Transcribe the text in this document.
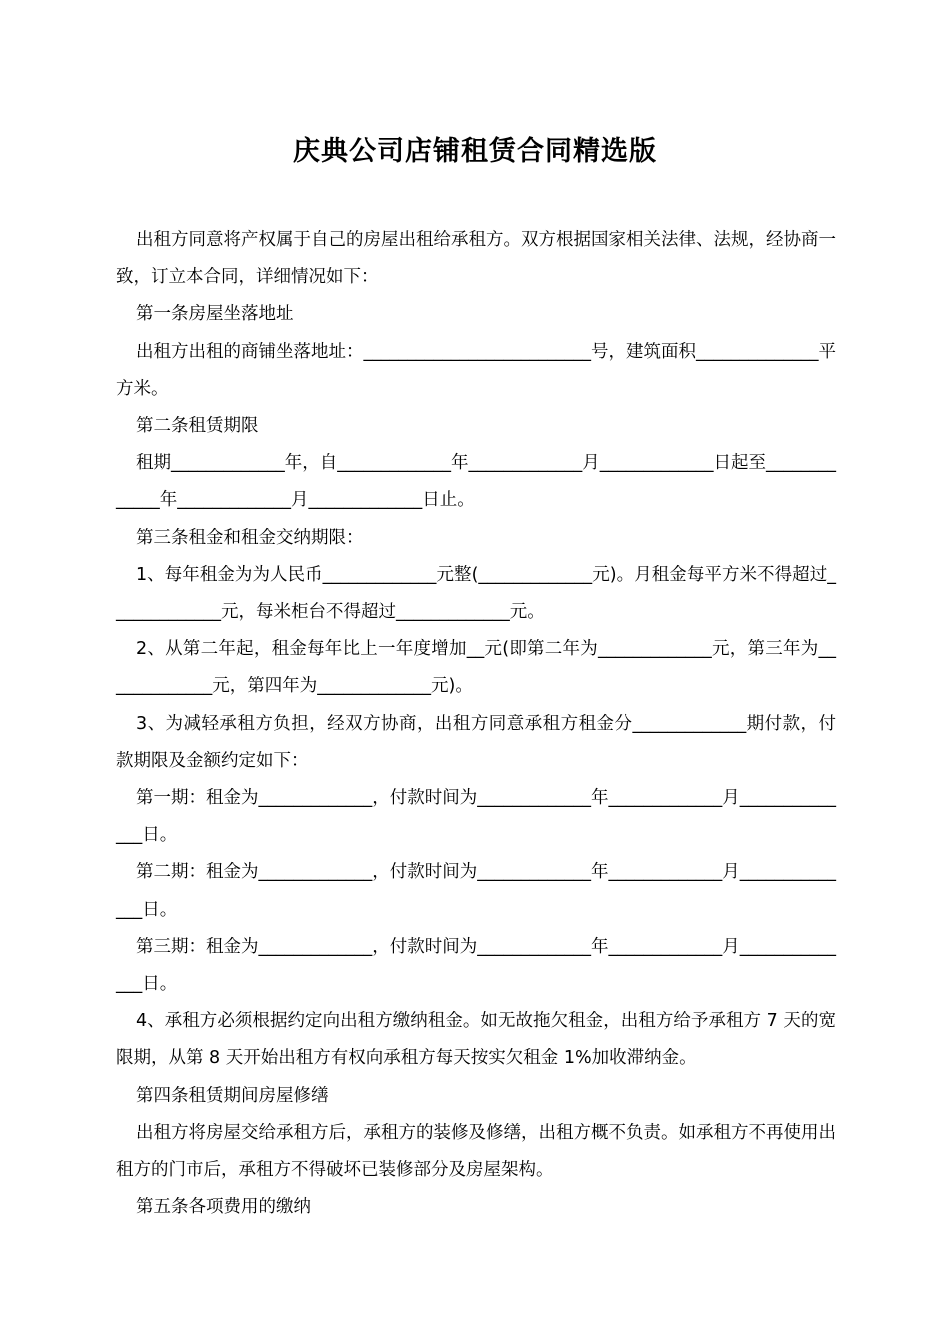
庆典公司店铺租赁合同精选版

出租方同意将产权属于自己的房屋出租给承租方。双方根据国家相关法律、法规，经协商一致，订立本合同，详细情况如下：

第一条房屋坐落地址

出租方出租的商铺坐落地址：__________________________号，建筑面积______________平方米。

第二条租赁期限

租期_____________年，自_____________年_____________月_____________日起至_____________年_____________月_____________日止。

第三条租金和租金交纳期限：

1、每年租金为为人民币_____________元整(_____________元)。月租金每平方米不得超过_____________元，每米柜台不得超过_____________元。

2、从第二年起，租金每年比上一年度增加__元(即第二年为_____________元，第三年为_____________元，第四年为_____________元)。

3、为减轻承租方负担，经双方协商，出租方同意承租方租金分_____________期付款，付款期限及金额约定如下：

第一期：租金为_____________，付款时间为_____________年_____________月______________日。

第二期：租金为_____________，付款时间为_____________年_____________月______________日。

第三期：租金为_____________，付款时间为_____________年_____________月______________日。

4、承租方必须根据约定向出租方缴纳租金。如无故拖欠租金，出租方给予承租方 7 天的宽限期，从第 8 天开始出租方有权向承租方每天按实欠租金 1%加收滞纳金。

第四条租赁期间房屋修缮

出租方将房屋交给承租方后，承租方的装修及修缮，出租方概不负责。如承租方不再使用出租方的门市后，承租方不得破坏已装修部分及房屋架构。

第五条各项费用的缴纳
